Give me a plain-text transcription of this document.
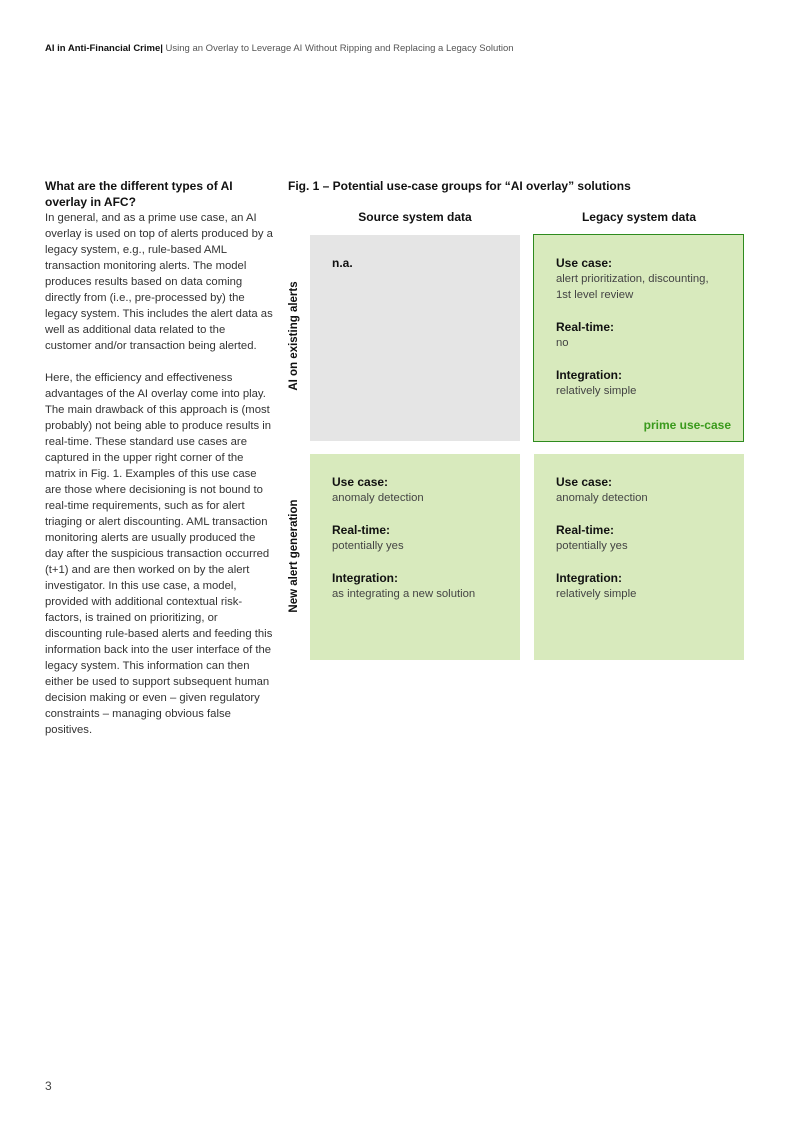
AI in Anti-Financial Crime| Using an Overlay to Leverage AI Without Ripping and Replacing a Legacy Solution
What are the different types of AI overlay in AFC?

In general, and as a prime use case, an AI overlay is used on top of alerts produced by a legacy system, e.g., rule-based AML transaction monitoring alerts. The model produces results based on data coming directly from (i.e., pre-processed by) the legacy system. This includes the alert data as well as additional data related to the customer and/or transaction being alerted.

Here, the efficiency and effectiveness advantages of the AI overlay come into play. The main drawback of this approach is (most probably) not being able to produce results in real-time. These standard use cases are captured in the upper right corner of the matrix in Fig. 1. Examples of this use case are those where decisioning is not bound to real-time requirements, such as for alert triaging or alert discounting. AML transaction monitoring alerts are usually produced the day after the suspicious transaction occurred (t+1) and are then worked on by the alert investigator. In this use case, a model, provided with additional contextual risk-factors, is trained on prioritizing, or discounting rule-based alerts and feeding this information back into the user interface of the legacy system. This information can then either be used to support subsequent human decision making or even – given regulatory constraints – managing obvious false positives.

Fig. 1 – Potential use-case groups for “AI overlay” solutions
Source system data	Legacy system data
AI on existing alerts
New alert generation
n.a.	Use case:
alert prioritization, discounting, 1st level review
Real-time:
no
Integration:
relatively simple
prime use-case
Use case:
anomaly detection
Real-time:
potentially yes
Integration:
as integrating a new solution
Use case:
anomaly detection
Real-time:
potentially yes
Integration:
relatively simple
3
